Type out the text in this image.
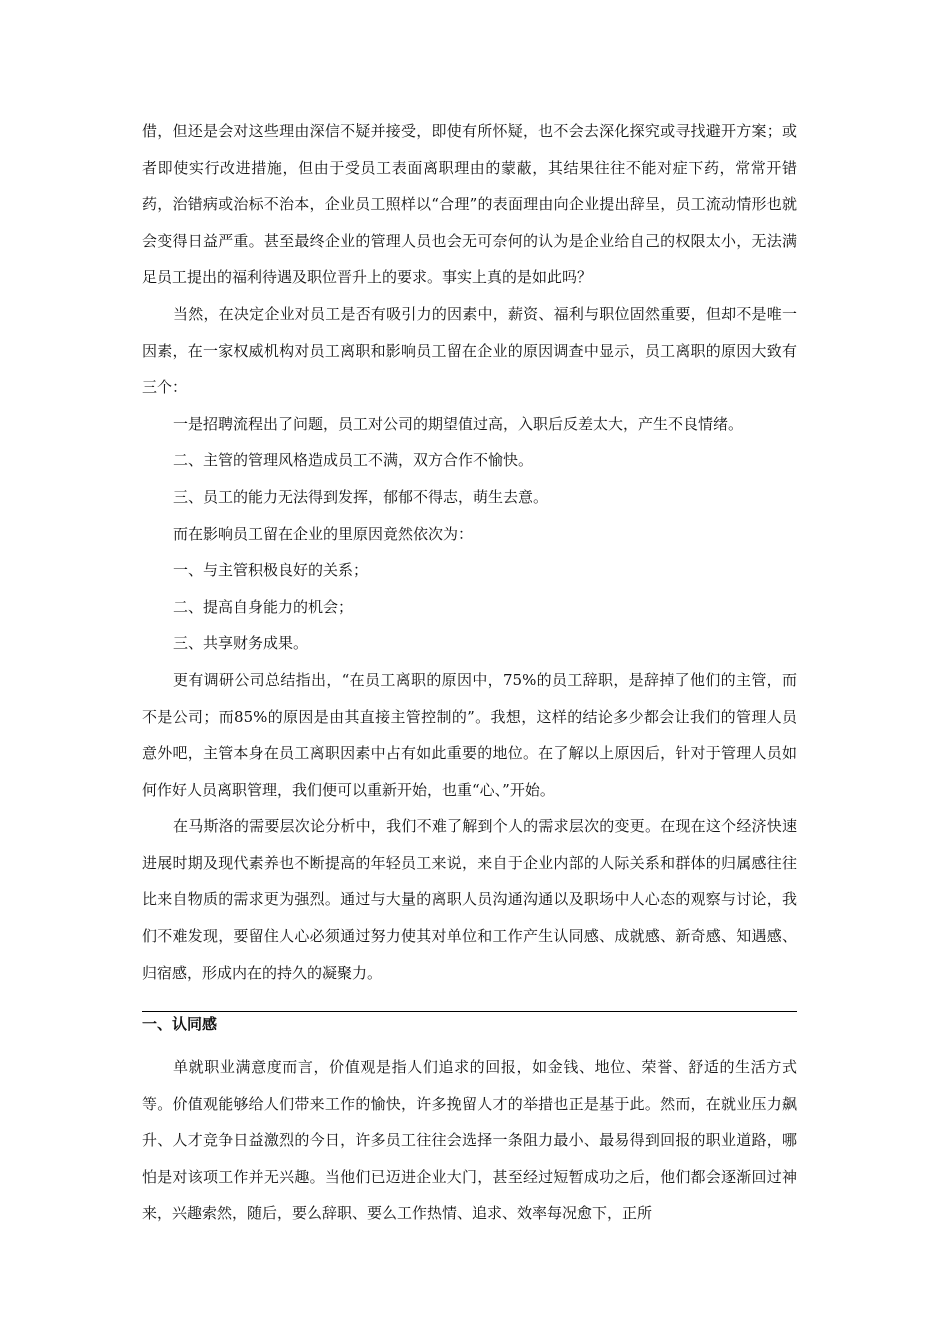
借，但还是会对这些理由深信不疑并接受，即使有所怀疑，也不会去深化探究或寻找避开方案；或者即使实行改进措施，但由于受员工表面离职理由的蒙蔽，其结果往往不能对症下药，常常开错药，治错病或治标不治本，企业员工照样以“合理”的表面理由向企业提出辞呈，员工流动情形也就会变得日益严重。甚至最终企业的管理人员也会无可奈何的认为是企业给自己的权限太小，无法满足员工提出的福利待遇及职位晋升上的要求。事实上真的是如此吗？

当然，在决定企业对员工是否有吸引力的因素中，薪资、福利与职位固然重要，但却不是唯一因素，在一家权威机构对员工离职和影响员工留在企业的原因调查中显示，员工离职的原因大致有三个：

一是招聘流程出了问题，员工对公司的期望值过高，入职后反差太大，产生不良情绪。

二、主管的管理风格造成员工不满，双方合作不愉快。

三、员工的能力无法得到发挥，郁郁不得志，萌生去意。

而在影响员工留在企业的里原因竟然依次为：

一、与主管积极良好的关系；

二、提高自身能力的机会；

三、共享财务成果。

更有调研公司总结指出，“在员工离职的原因中，75%的员工辞职，是辞掉了他们的主管，而不是公司；而85%的原因是由其直接主管控制的”。我想，这样的结论多少都会让我们的管理人员意外吧，主管本身在员工离职因素中占有如此重要的地位。在了解以上原因后，针对于管理人员如何作好人员离职管理，我们便可以重新开始，也重“心、”开始。

在马斯洛的需要层次论分析中，我们不难了解到个人的需求层次的变更。在现在这个经济快速进展时期及现代素养也不断提高的年轻员工来说，来自于企业内部的人际关系和群体的归属感往往比来自物质的需求更为强烈。通过与大量的离职人员沟通沟通以及职场中人心态的观察与讨论，我们不难发现，要留住人心必须通过努力使其对单位和工作产生认同感、成就感、新奇感、知遇感、归宿感，形成内在的持久的凝聚力。

一、认同感

单就职业满意度而言，价值观是指人们追求的回报，如金钱、地位、荣誉、舒适的生活方式等。价值观能够给人们带来工作的愉快，许多挽留人才的举措也正是基于此。然而，在就业压力飙升、人才竞争日益激烈的今日，许多员工往往会选择一条阻力最小、最易得到回报的职业道路，哪怕是对该项工作并无兴趣。当他们已迈进企业大门，甚至经过短暂成功之后，他们都会逐渐回过神来，兴趣索然，随后，要么辞职、要么工作热情、追求、效率每况愈下，正所
